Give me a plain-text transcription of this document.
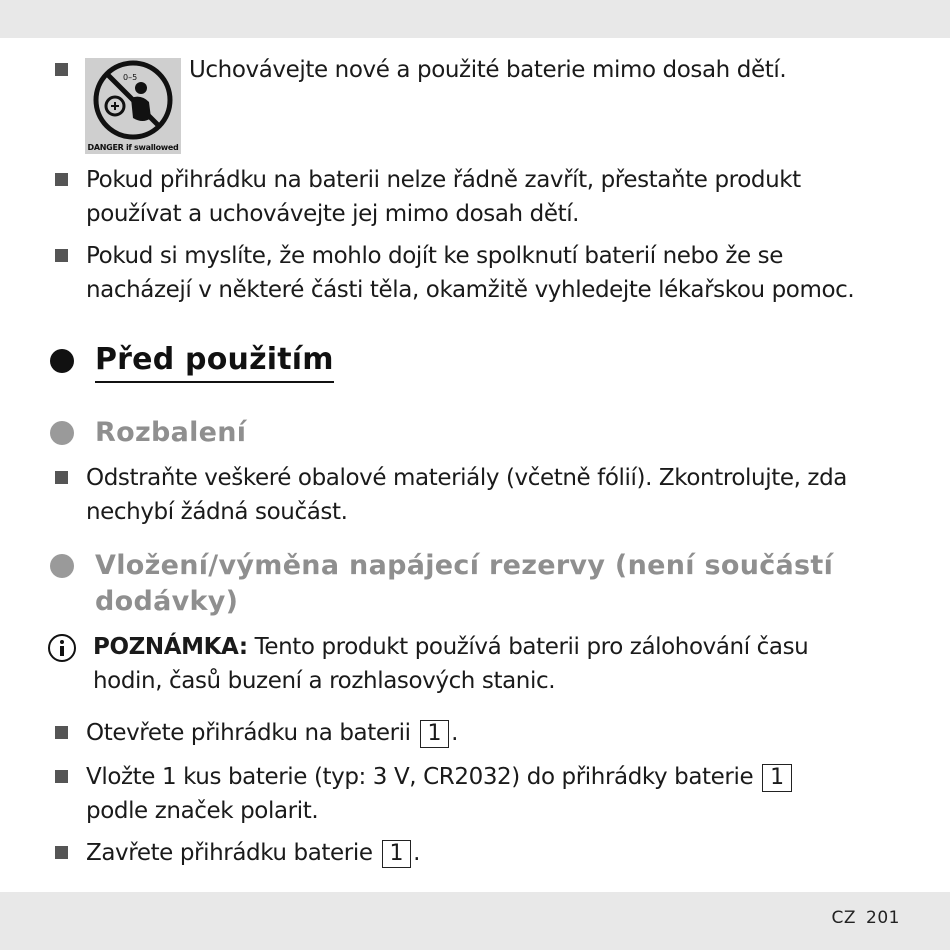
0–5
DANGER if swallowed
Uchovávejte nové a použité baterie mimo dosah dětí.
Pokud přihrádku na baterii nelze řádně zavřít, přestaňte produkt
používat a uchovávejte jej mimo dosah dětí.
Pokud si myslíte, že mohlo dojít ke spolknutí baterií nebo že se
nacházejí v některé části těla, okamžitě vyhledejte lékařskou pomoc.
Před použitím
Rozbalení
Odstraňte veškeré obalové materiály (včetně fólií). Zkontrolujte, zda
nechybí žádná součást.
Vložení/výměna napájecí rezervy (není součástí
dodávky)
POZNÁMKA: Tento produkt používá baterii pro zálohování času
hodin, časů buzení a rozhlasových stanic.
Otevřete přihrádku na baterii 1 .
Vložte 1 kus baterie (typ: 3 V, CR2032) do přihrádky baterie 1
podle značek polarit.
Zavřete přihrádku baterie 1 .
CZ 201
